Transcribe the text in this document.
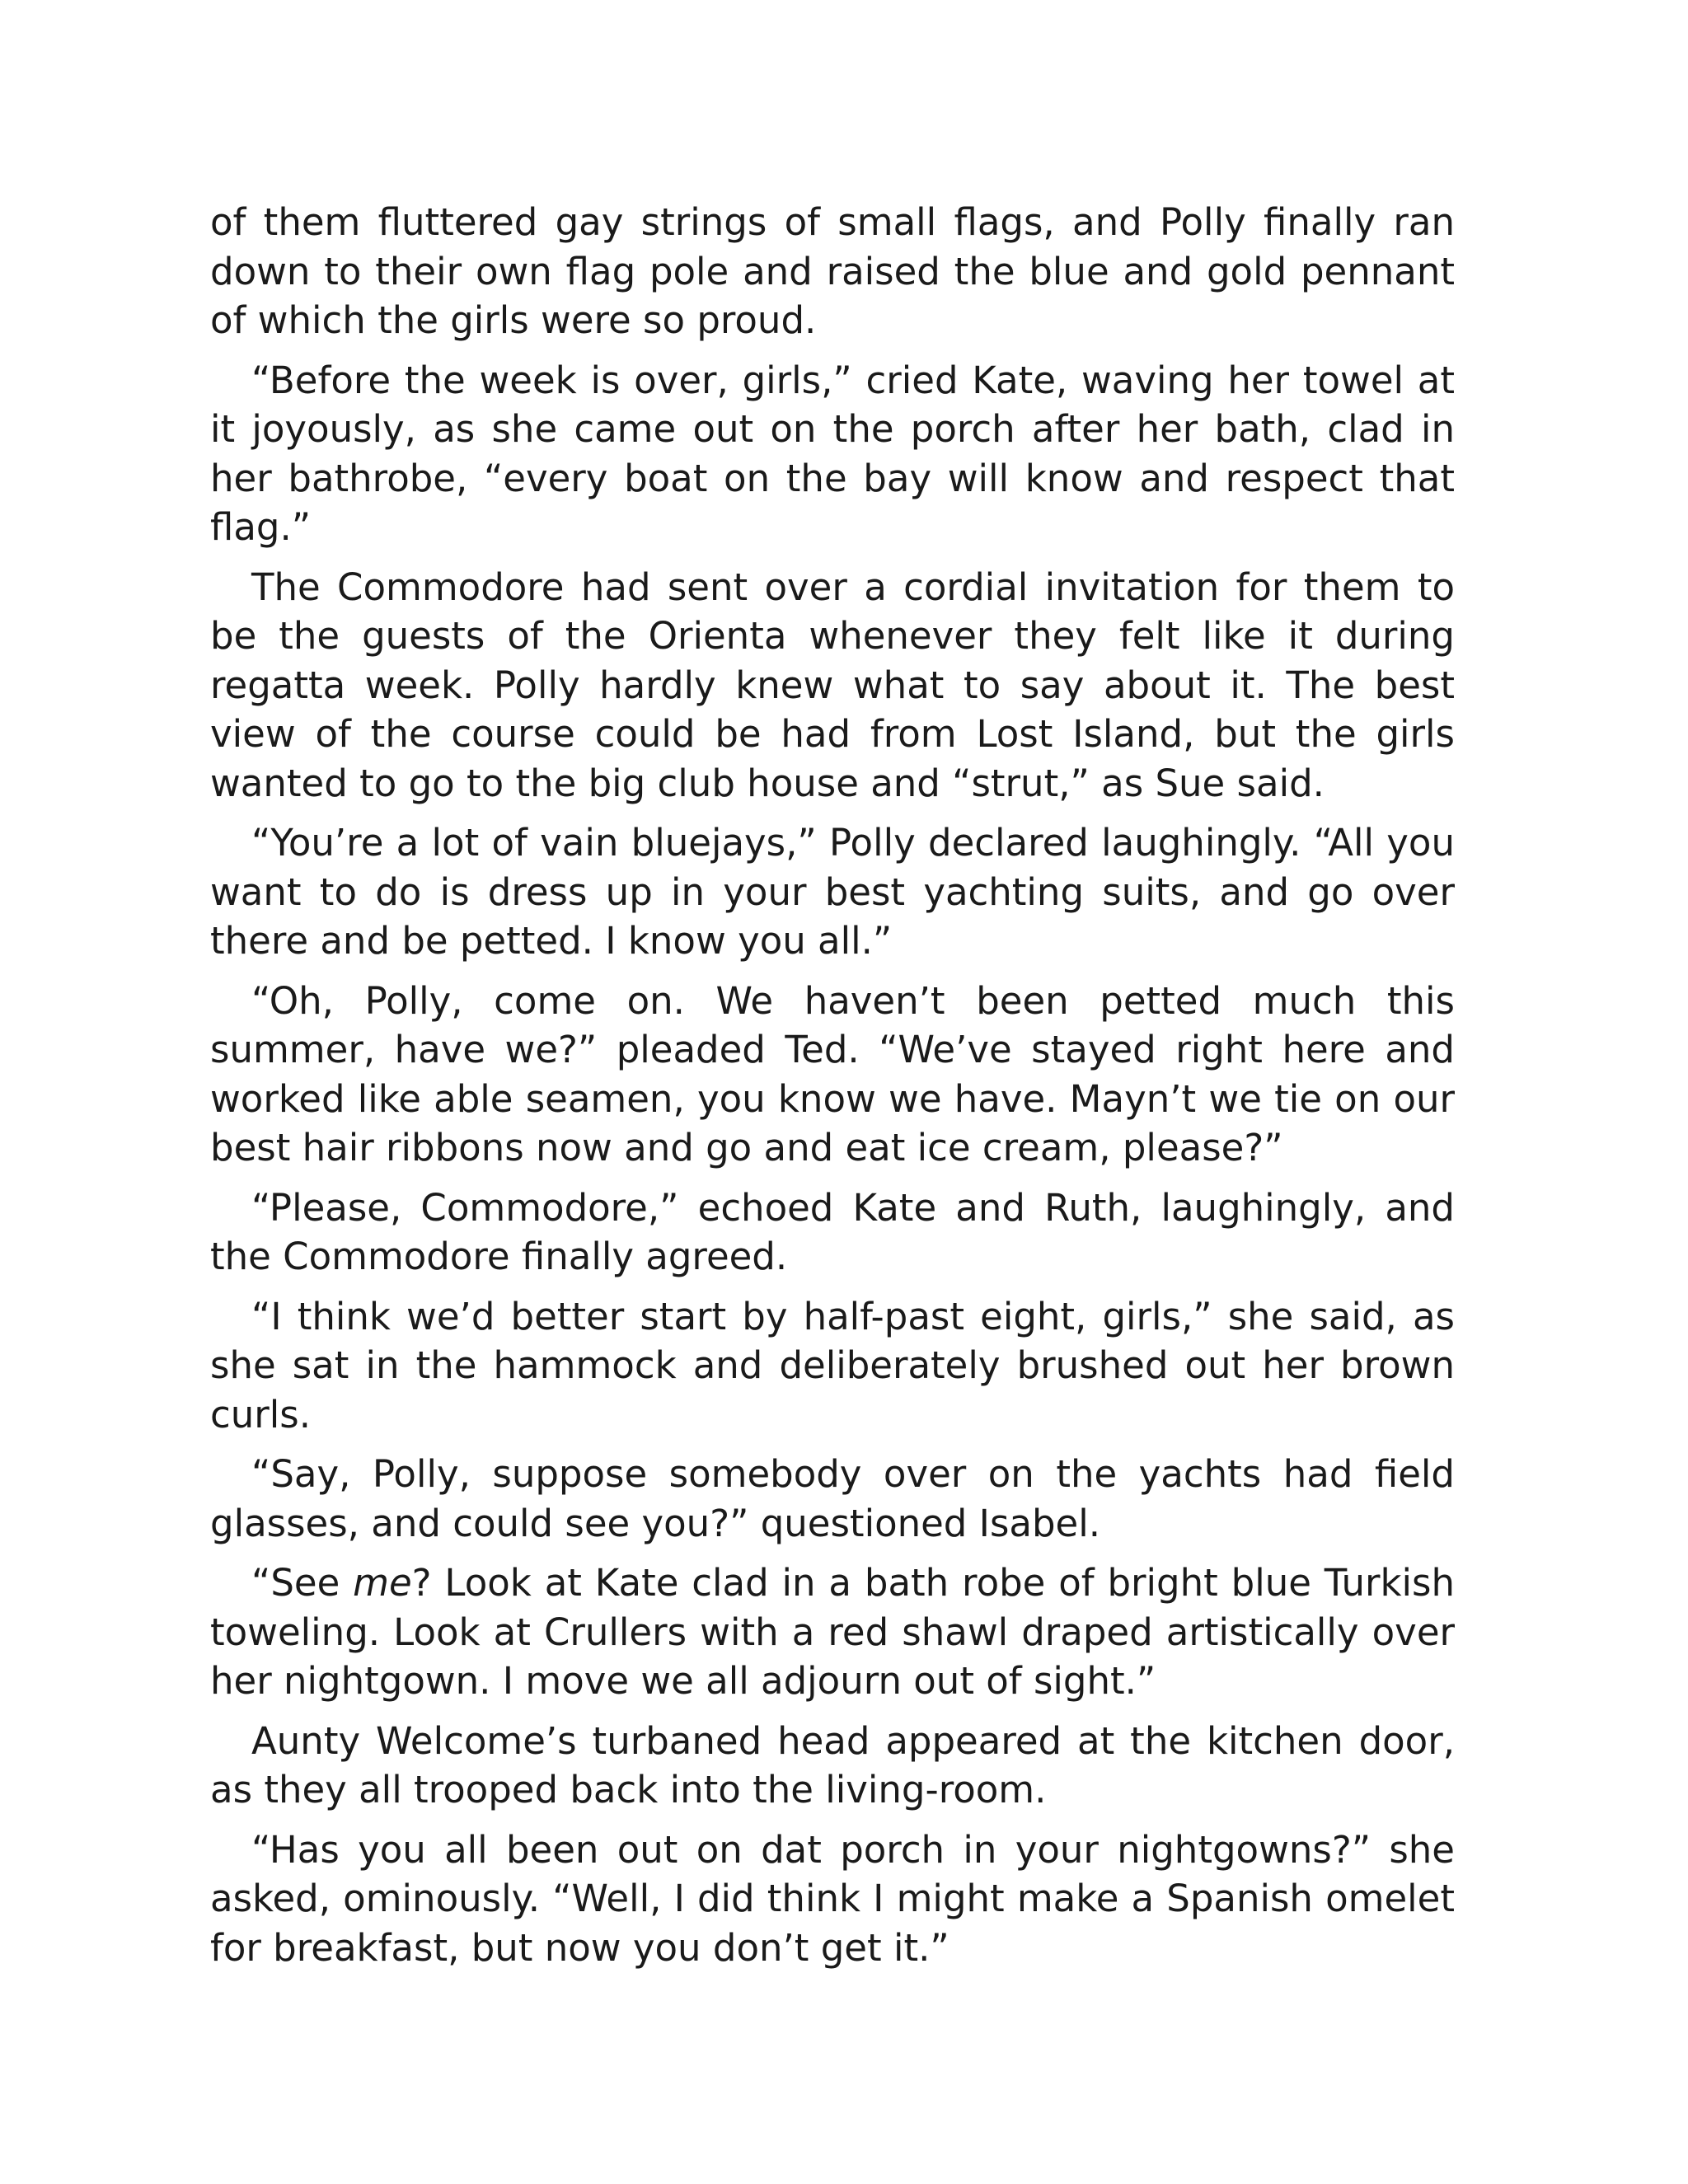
of them fluttered gay strings of small flags, and Polly finally ran down to their own flag pole and raised the blue and gold pennant of which the girls were so proud.

“Before the week is over, girls,” cried Kate, waving her towel at it joyously, as she came out on the porch after her bath, clad in her bathrobe, “every boat on the bay will know and respect that flag.”

The Commodore had sent over a cordial invitation for them to be the guests of the Orienta whenever they felt like it during regatta week. Polly hardly knew what to say about it. The best view of the course could be had from Lost Island, but the girls wanted to go to the big club house and “strut,” as Sue said.

“You’re a lot of vain bluejays,” Polly declared laughingly. “All you want to do is dress up in your best yachting suits, and go over there and be petted. I know you all.”

“Oh, Polly, come on. We haven’t been petted much this summer, have we?” pleaded Ted. “We’ve stayed right here and worked like able seamen, you know we have. Mayn’t we tie on our best hair ribbons now and go and eat ice cream, please?”

“Please, Commodore,” echoed Kate and Ruth, laughingly, and the Commodore finally agreed.

“I think we’d better start by half-past eight, girls,” she said, as she sat in the hammock and deliberately brushed out her brown curls.

“Say, Polly, suppose somebody over on the yachts had field glasses, and could see you?” questioned Isabel.

“See me? Look at Kate clad in a bath robe of bright blue Turkish toweling. Look at Crullers with a red shawl draped artistically over her nightgown. I move we all adjourn out of sight.”

Aunty Welcome’s turbaned head appeared at the kitchen door, as they all trooped back into the living-room.

“Has you all been out on dat porch in your nightgowns?” she asked, ominously. “Well, I did think I might make a Spanish omelet for breakfast, but now you don’t get it.”
